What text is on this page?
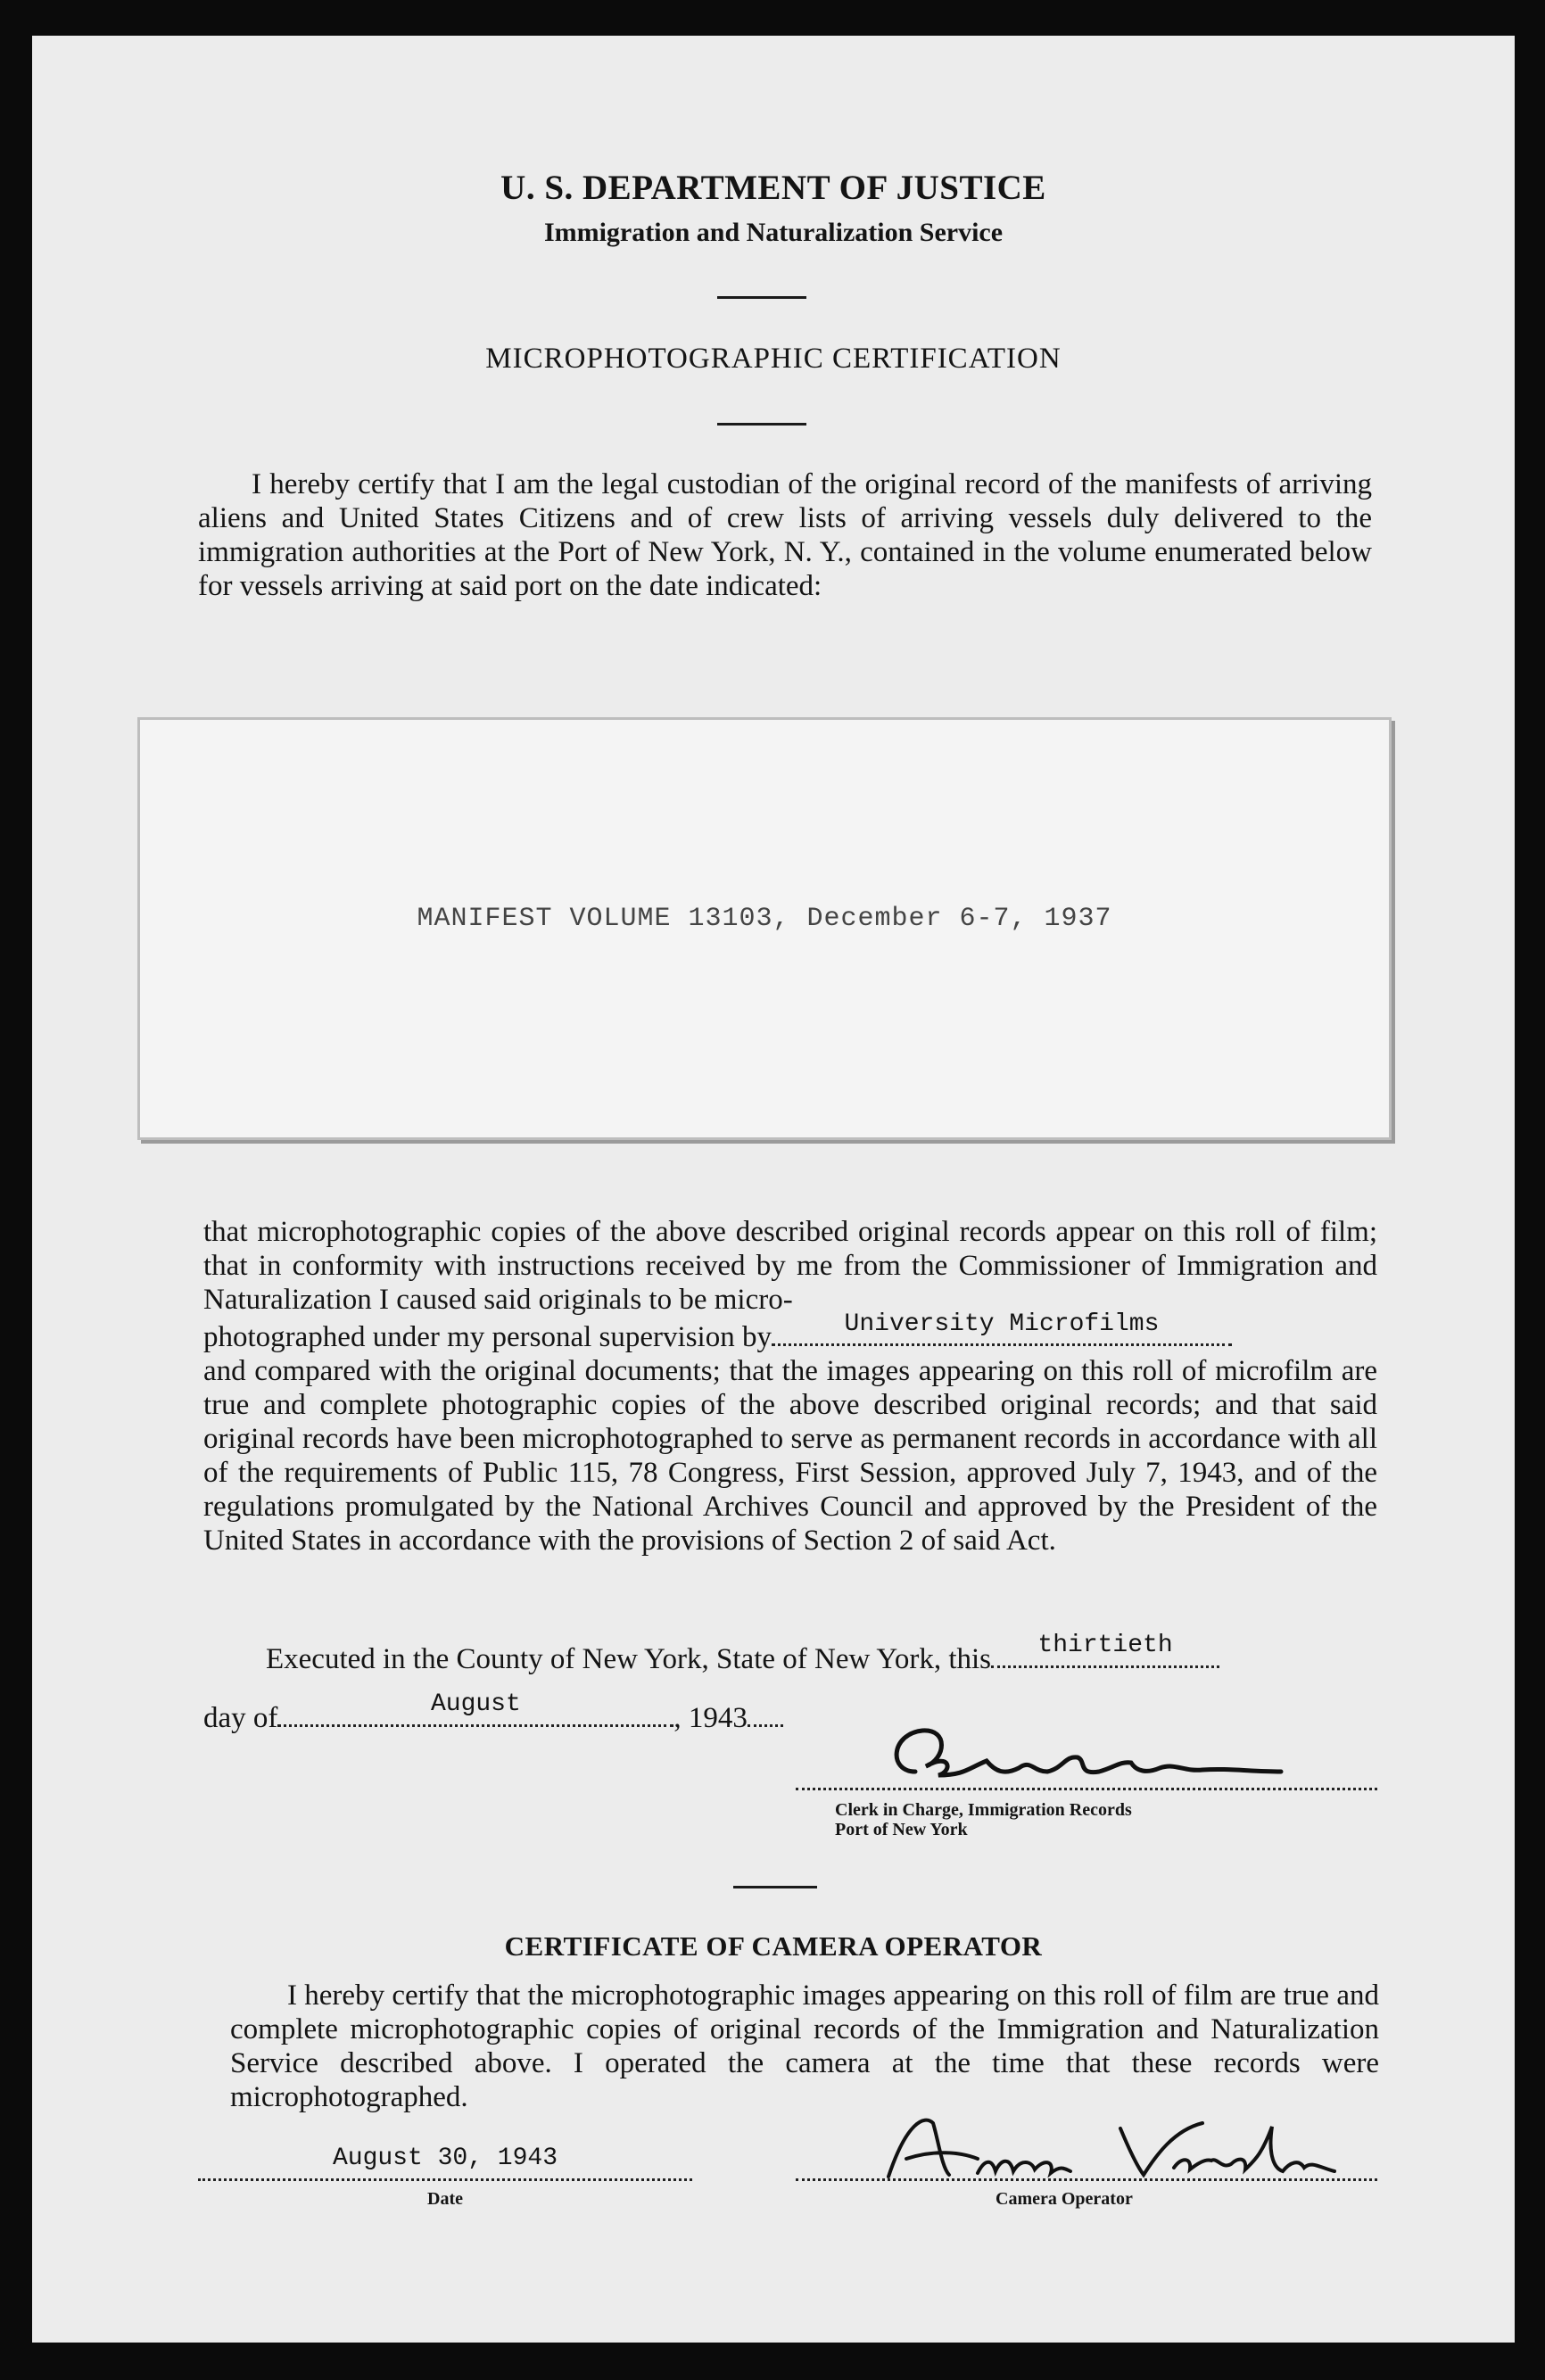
U. S. DEPARTMENT OF JUSTICE
Immigration and Naturalization Service
MICROPHOTOGRAPHIC CERTIFICATION
I hereby certify that I am the legal custodian of the original record of the manifests of arriving aliens and United States Citizens and of crew lists of arriving vessels duly delivered to the immigration authorities at the Port of New York, N. Y., contained in the volume enumerated below for vessels arriving at said port on the date indicated:
MANIFEST VOLUME 13103, December 6-7, 1937

that microphotographic copies of the above described original records appear on this roll of film; that in conformity with instructions received by me from the Commissioner of Immigration and Naturalization I caused said originals to be micro-

photographed under my personal supervision by	University Microfilms

and compared with the original documents; that the images appearing on this roll of microfilm are true and complete photographic copies of the above described original records; and that said original records have been microphotographed to serve as permanent records in accordance with all of the requirements of Public 115, 78 Congress, First Session, approved July 7, 1943, and of the regulations promulgated by the National Archives Council and approved by the President of the United States in accordance with the provisions of Section 2 of said Act.

Executed in the County of New York, State of New York, this	thirtieth
day of	August	, 1943
Clerk in Charge, Immigration Records
Port of New York
CERTIFICATE OF CAMERA OPERATOR
I hereby certify that the microphotographic images appearing on this roll of film are true and complete microphotographic copies of original records of the Immigration and Naturalization Service described above. I operated the camera at the time that these records were microphotographed.
August 30, 1943
Date	Camera Operator
